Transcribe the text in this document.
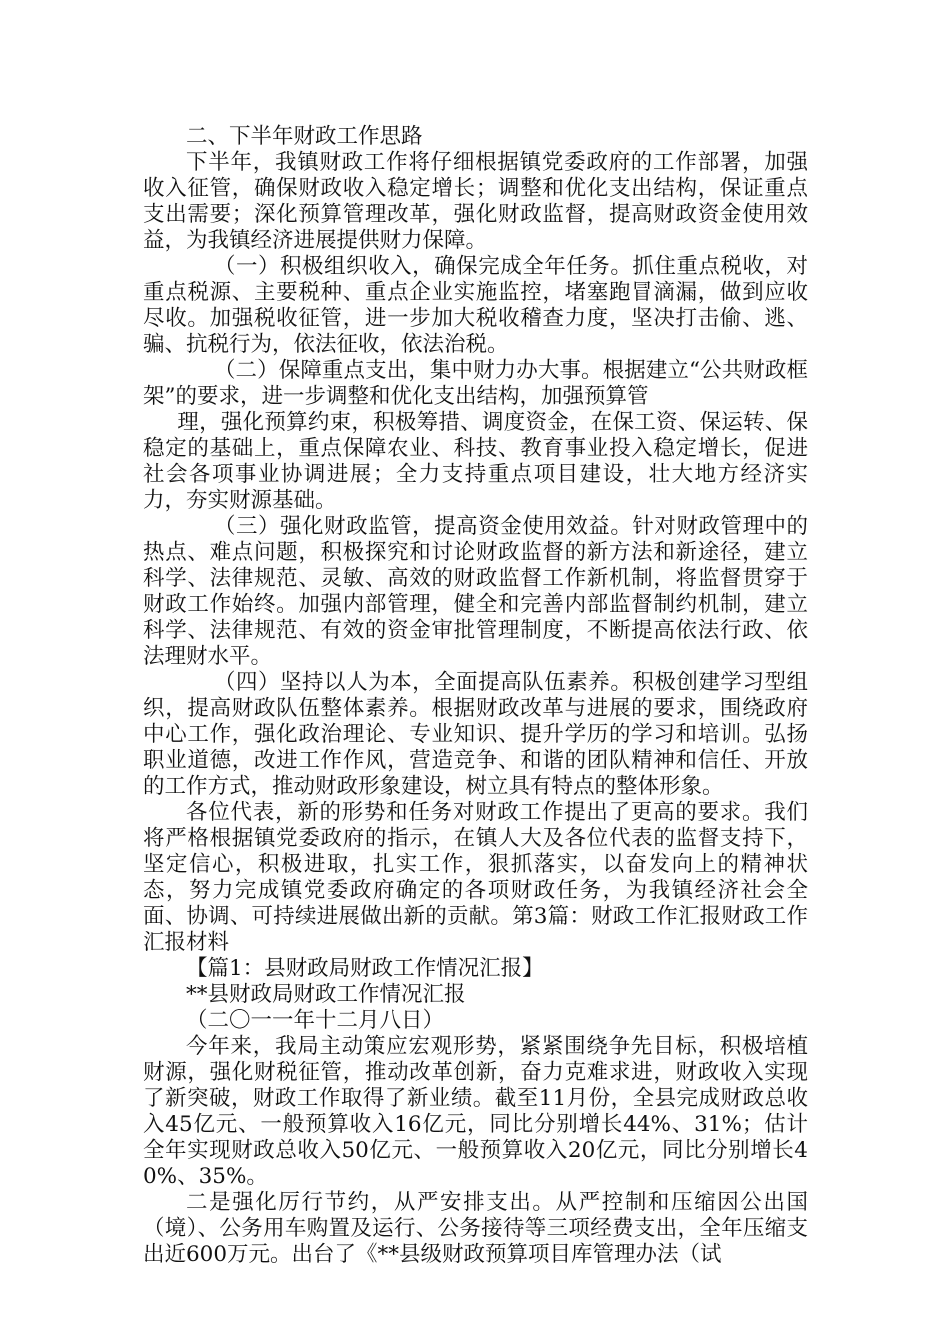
二、下半年财政工作思路

下半年，我镇财政工作将仔细根据镇党委政府的工作部署，加强收入征管，确保财政收入稳定增长；调整和优化支出结构，保证重点支出需要；深化预算管理改革，强化财政监督，提高财政资金使用效益，为我镇经济进展提供财力保障。

（一）积极组织收入，确保完成全年任务。抓住重点税收，对重点税源、主要税种、重点企业实施监控，堵塞跑冒滴漏，做到应收尽收。加强税收征管，进一步加大税收稽查力度，坚决打击偷、逃、骗、抗税行为，依法征收，依法治税。

（二）保障重点支出，集中财力办大事。根据建立“公共财政框架”的要求，进一步调整和优化支出结构，加强预算管

理，强化预算约束，积极筹措、调度资金，在保工资、保运转、保稳定的基础上，重点保障农业、科技、教育事业投入稳定增长，促进社会各项事业协调进展；全力支持重点项目建设，壮大地方经济实力，夯实财源基础。

（三）强化财政监管，提高资金使用效益。针对财政管理中的热点、难点问题，积极探究和讨论财政监督的新方法和新途径，建立科学、法律规范、灵敏、高效的财政监督工作新机制，将监督贯穿于财政工作始终。加强内部管理，健全和完善内部监督制约机制，建立科学、法律规范、有效的资金审批管理制度，不断提高依法行政、依法理财水平。

（四）坚持以人为本，全面提高队伍素养。积极创建学习型组织，提高财政队伍整体素养。根据财政改革与进展的要求，围绕政府中心工作，强化政治理论、专业知识、提升学历的学习和培训。弘扬职业道德，改进工作作风，营造竞争、和谐的团队精神和信任、开放的工作方式，推动财政形象建设，树立具有特点的整体形象。

各位代表，新的形势和任务对财政工作提出了更高的要求。我们将严格根据镇党委政府的指示，在镇人大及各位代表的监督支持下，坚定信心，积极进取，扎实工作，狠抓落实，以奋发向上的精神状态，努力完成镇党委政府确定的各项财政任务，为我镇经济社会全面、协调、可持续进展做出新的贡献。第3篇：财政工作汇报财政工作汇报材料

【篇1：县财政局财政工作情况汇报】

**县财政局财政工作情况汇报

（二〇一一年十二月八日）

今年来，我局主动策应宏观形势，紧紧围绕争先目标，积极培植财源，强化财税征管，推动改革创新，奋力克难求进，财政收入实现了新突破，财政工作取得了新业绩。截至11月份，全县完成财政总收入45亿元、一般预算收入16亿元，同比分别增长44%、31%；估计全年实现财政总收入50亿元、一般预算收入20亿元，同比分别增长40%、35%。

二是强化厉行节约，从严安排支出。从严控制和压缩因公出国（境）、公务用车购置及运行、公务接待等三项经费支出，全年压缩支出近600万元。出台了《**县级财政预算项目库管理办法（试
